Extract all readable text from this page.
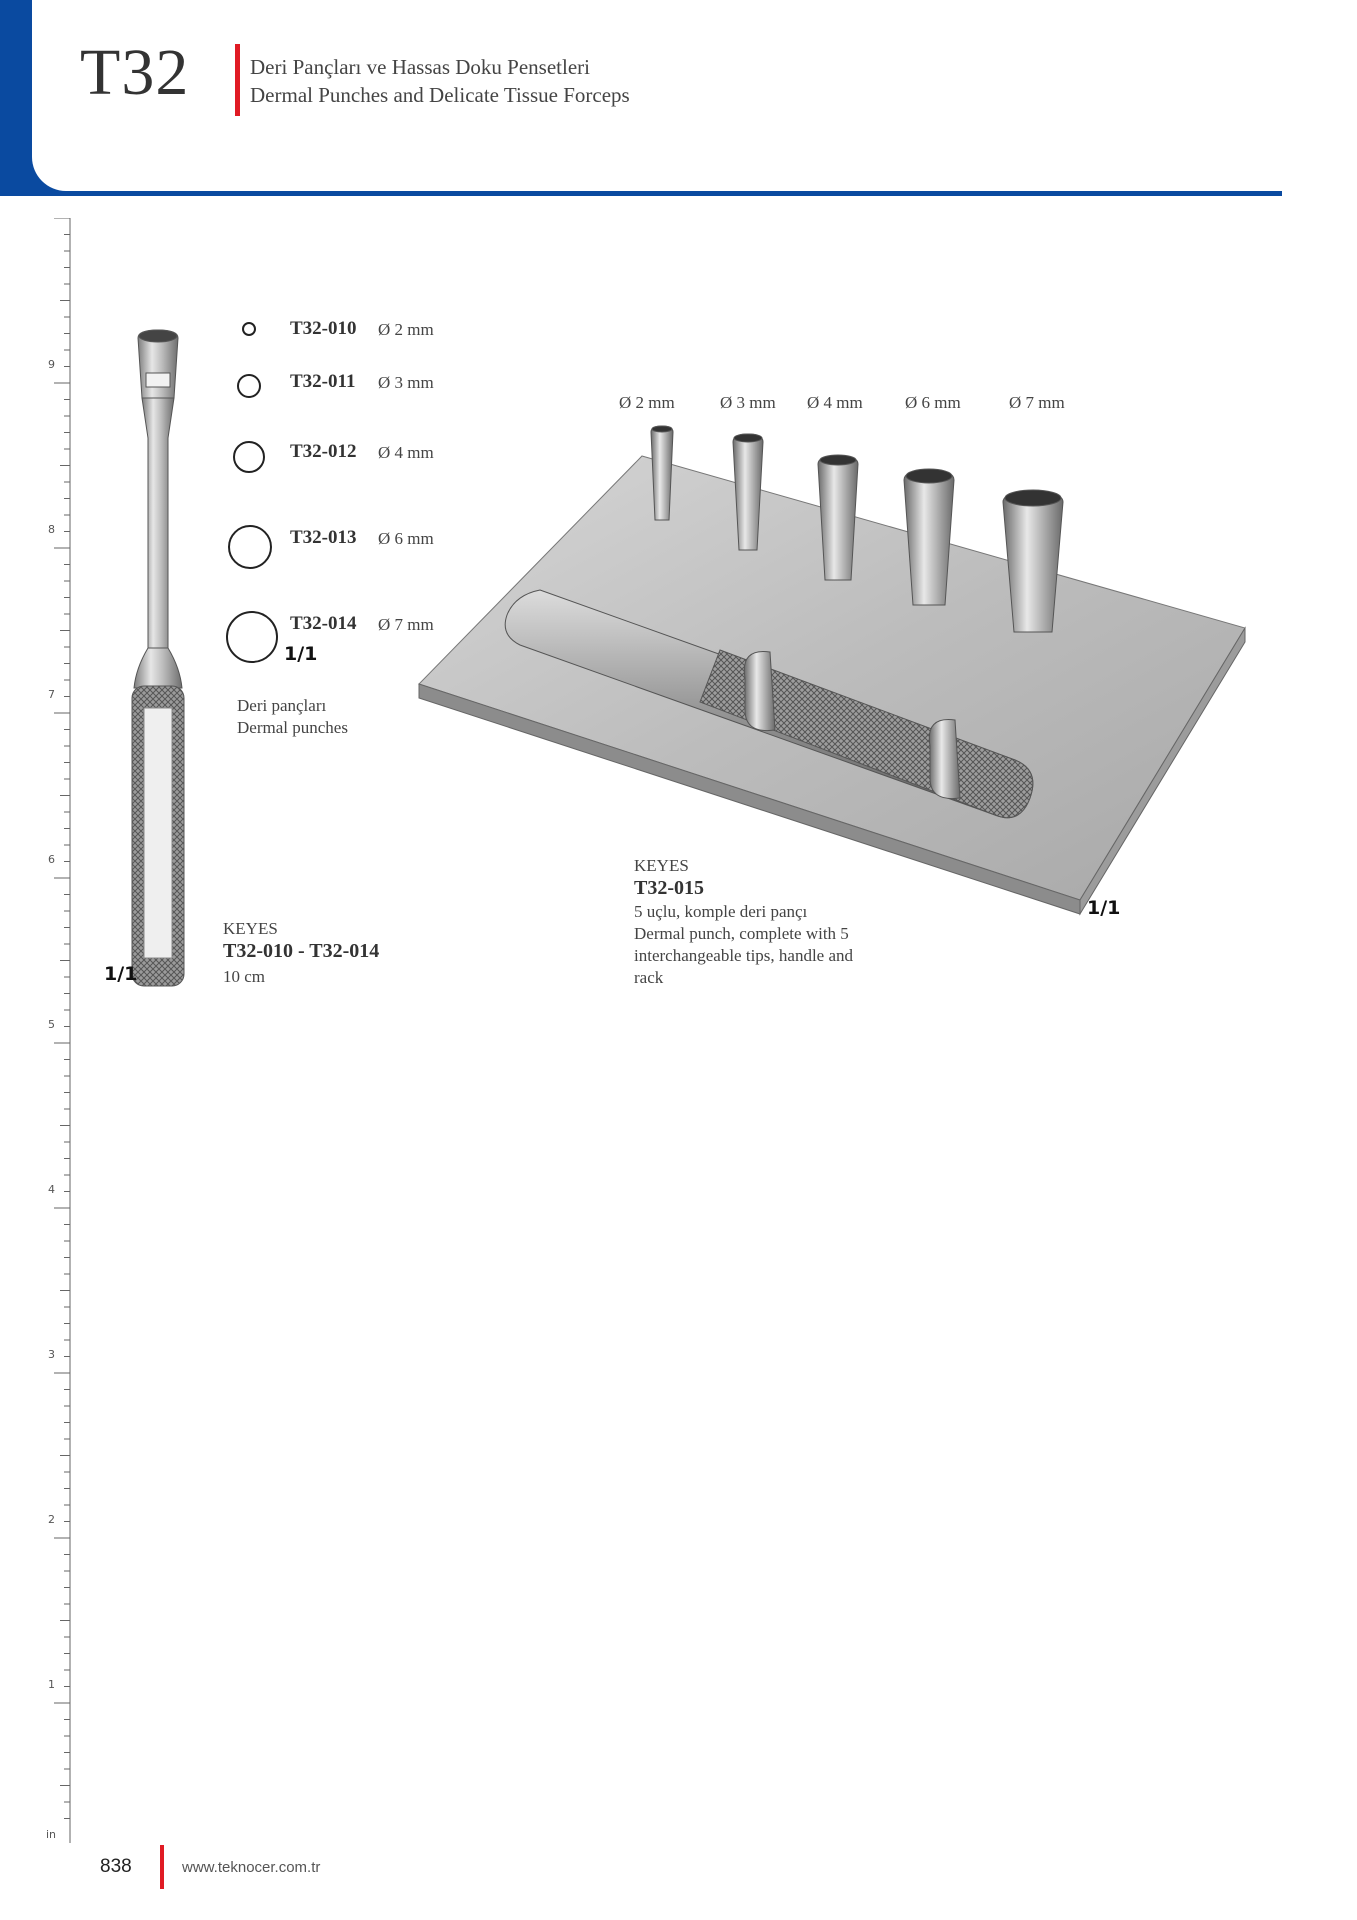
T32	Deri Pançları ve Hassas Doku Pensetleri
Dermal Punches and Delicate Tissue Forceps
9
8
7
6
5
4
3
2
1
in
T32-010 Ø 2 mm
T32-011 Ø 3 mm
T32-012 Ø 4 mm
T32-013 Ø 6 mm
T32-014 Ø 7 mm
1/1
Deri pançları
Dermal punches
1/1
KEYES
T32-010 - T32-014
10 cm
Ø 2 mm	Ø 3 mm Ø 4 mm Ø 6 mm	Ø 7 mm
1/1
KEYES
T32-015
5 uçlu, komple deri pançı
Dermal punch, complete with 5
interchangeable tips, handle and
rack
838	www.teknocer.com.tr
